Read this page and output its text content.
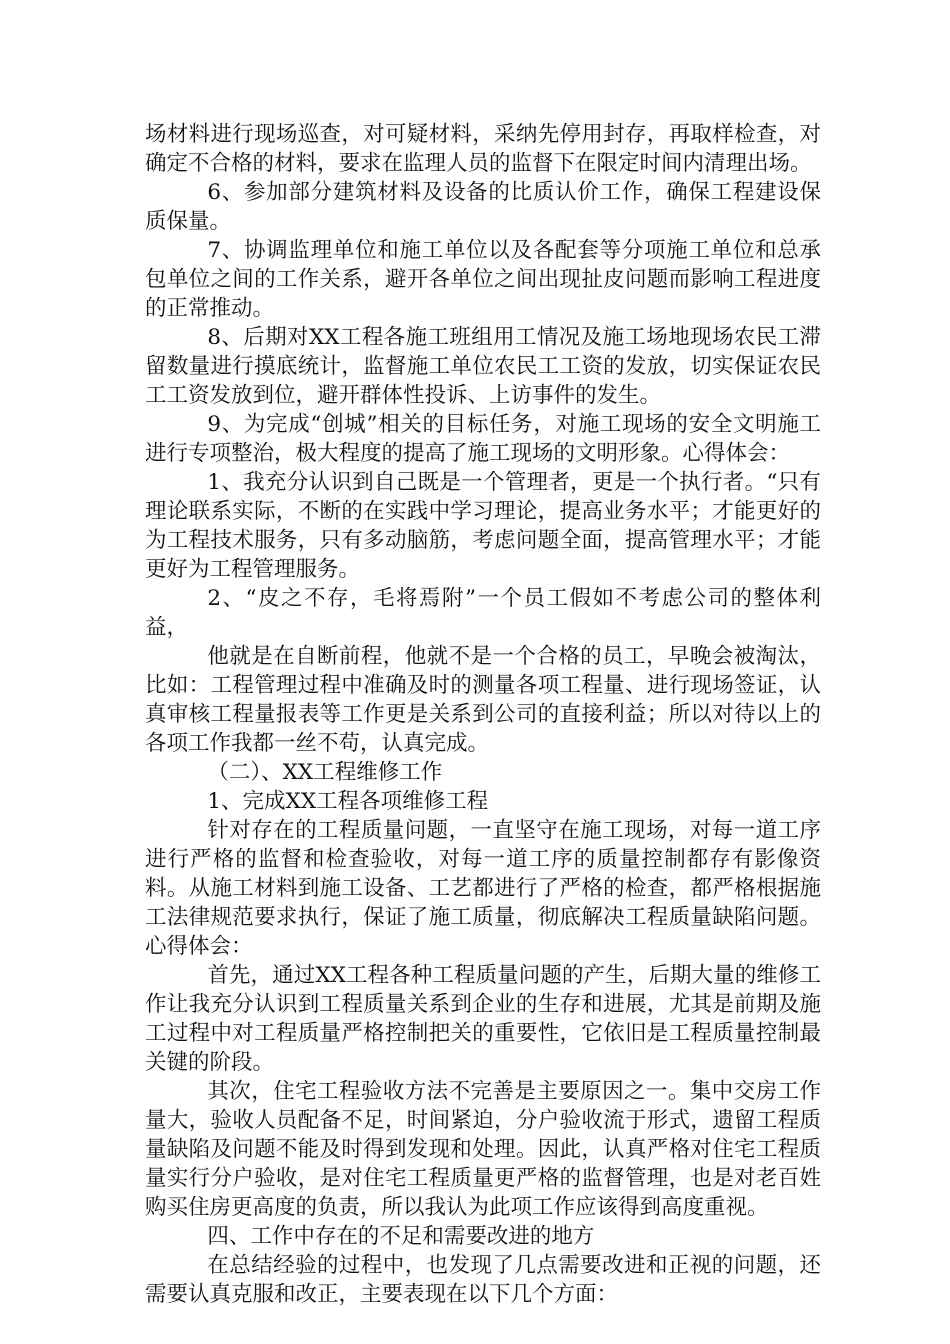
场材料进行现场巡查，对可疑材料，采纳先停用封存，再取样检查，对确定不合格的材料，要求在监理人员的监督下在限定时间内清理出场。

6、参加部分建筑材料及设备的比质认价工作，确保工程建设保质保量。

7、协调监理单位和施工单位以及各配套等分项施工单位和总承包单位之间的工作关系，避开各单位之间出现扯皮问题而影响工程进度的正常推动。

8、后期对XX工程各施工班组用工情况及施工场地现场农民工滞留数量进行摸底统计，监督施工单位农民工工资的发放，切实保证农民工工资发放到位，避开群体性投诉、上访事件的发生。

9、为完成“创城”相关的目标任务，对施工现场的安全文明施工进行专项整治，极大程度的提高了施工现场的文明形象。心得体会：

1、我充分认识到自己既是一个管理者，更是一个执行者。“只有理论联系实际，不断的在实践中学习理论，提高业务水平；才能更好的为工程技术服务，只有多动脑筋，考虑问题全面，提高管理水平；才能更好为工程管理服务。

2、“皮之不存，毛将焉附”一个员工假如不考虑公司的整体利益，

他就是在自断前程，他就不是一个合格的员工，早晚会被淘汰，比如：工程管理过程中准确及时的测量各项工程量、进行现场签证，认真审核工程量报表等工作更是关系到公司的直接利益；所以对待以上的各项工作我都一丝不苟，认真完成。

（二）、XX工程维修工作

1、完成XX工程各项维修工程

针对存在的工程质量问题，一直坚守在施工现场，对每一道工序进行严格的监督和检查验收，对每一道工序的质量控制都存有影像资料。从施工材料到施工设备、工艺都进行了严格的检查，都严格根据施工法律规范要求执行，保证了施工质量，彻底解决工程质量缺陷问题。心得体会：

首先，通过XX工程各种工程质量问题的产生，后期大量的维修工作让我充分认识到工程质量关系到企业的生存和进展，尤其是前期及施工过程中对工程质量严格控制把关的重要性，它依旧是工程质量控制最关键的阶段。

其次，住宅工程验收方法不完善是主要原因之一。集中交房工作量大，验收人员配备不足，时间紧迫，分户验收流于形式，遗留工程质量缺陷及问题不能及时得到发现和处理。因此，认真严格对住宅工程质量实行分户验收，是对住宅工程质量更严格的监督管理，也是对老百姓购买住房更高度的负责，所以我认为此项工作应该得到高度重视。

四、工作中存在的不足和需要改进的地方

在总结经验的过程中，也发现了几点需要改进和正视的问题，还需要认真克服和改正，主要表现在以下几个方面：
